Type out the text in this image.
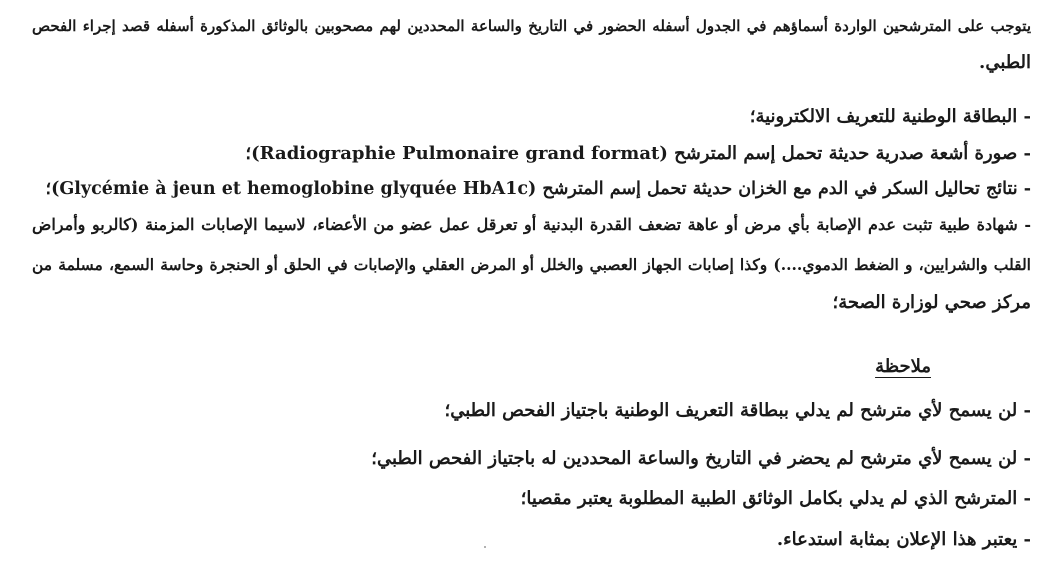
يتوجب على المترشحين الواردة أسماؤهم في الجدول أسفله الحضور في التاريخ والساعة المحددين لهم مصحوبين بالوثائق المذكورة أسفله قصد إجراء الفحص
الطبي.
- البطاقة الوطنية للتعريف الالكترونية؛
- صورة أشعة صدرية حديثة تحمل إسم المترشح (Radiographie Pulmonaire grand format)؛
- نتائج تحاليل السكر في الدم مع الخزان حديثة تحمل إسم المترشح (Glycémie à jeun et hemoglobine glyquée HbA1c)؛
- شهادة طبية تثبت عدم الإصابة بأي مرض أو عاهة تضعف القدرة البدنية أو تعرقل عمل عضو من الأعضاء، لاسيما الإصابات المزمنة (كالربو وأمراض
القلب والشرايين، و الضغط الدموي....) وكذا إصابات الجهاز العصبي والخلل أو المرض العقلي والإصابات في الحلق أو الحنجرة وحاسة السمع، مسلمة من
مركز صحي لوزارة الصحة؛
ملاحظة
- لن يسمح لأي مترشح لم يدلي ببطاقة التعريف الوطنية باجتياز الفحص الطبي؛
- لن يسمح لأي مترشح لم يحضر في التاريخ والساعة المحددين له باجتياز الفحص الطبي؛
- المترشح الذي لم يدلي بكامل الوثائق الطبية المطلوبة يعتبر مقصيا؛
- يعتبر هذا الإعلان بمثابة استدعاء.
